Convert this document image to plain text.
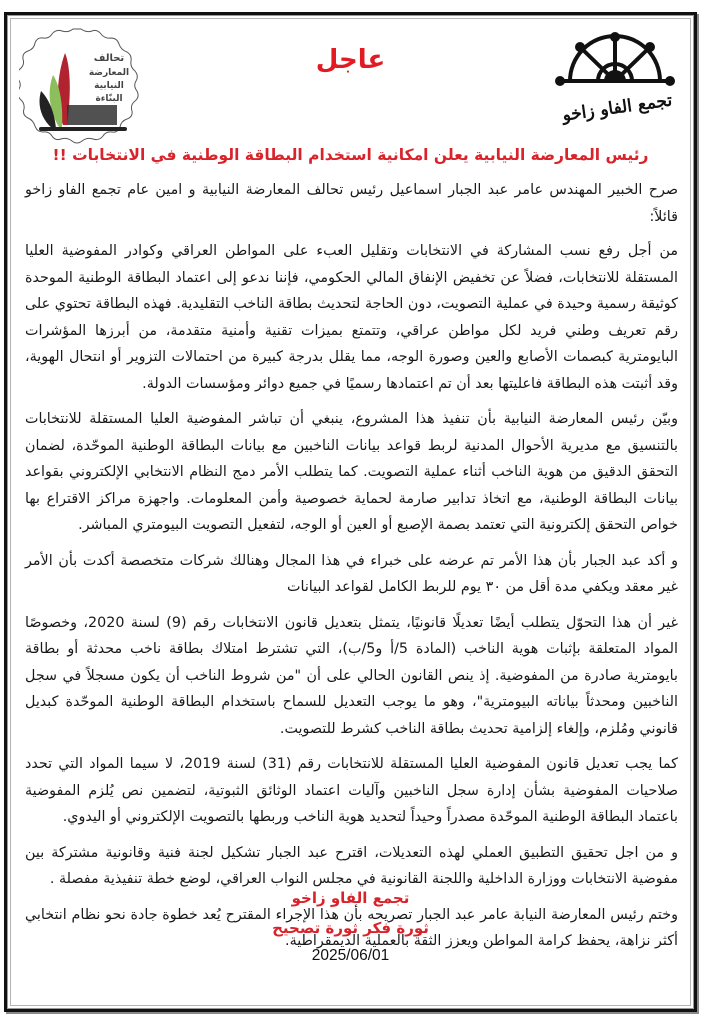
تحالف
المعارضة
النيابية
البنّاءة
عاجل
تجمع الفاو زاخو
رئيس المعارضة النيابية يعلن امكانية استخدام البطاقة الوطنية في الانتخابات !!

صرح الخبير المهندس عامر عبد الجبار اسماعيل رئيس تحالف المعارضة النيابية و امين عام تجمع الفاو زاخو قائلاً:

من أجل رفع نسب المشاركة في الانتخابات وتقليل العبء على المواطن العراقي وكوادر المفوضية العليا المستقلة للانتخابات، فضلاً عن تخفيض الإنفاق المالي الحكومي، فإننا ندعو إلى اعتماد البطاقة الوطنية الموحدة كوثيقة رسمية وحيدة في عملية التصويت، دون الحاجة لتحديث بطاقة الناخب التقليدية. فهذه البطاقة تحتوي على رقم تعريف وطني فريد لكل مواطن عراقي، وتتمتع بميزات تقنية وأمنية متقدمة، من أبرزها المؤشرات البايومترية كبصمات الأصابع والعين وصورة الوجه، مما يقلل بدرجة كبيرة من احتمالات التزوير أو انتحال الهوية، وقد أثبتت هذه البطاقة فاعليتها بعد أن تم اعتمادها رسميًا في جميع دوائر ومؤسسات الدولة.

وبيّن رئيس المعارضة النيابية بأن تنفيذ هذا المشروع، ينبغي أن تباشر المفوضية العليا المستقلة للانتخابات بالتنسيق مع مديرية الأحوال المدنية لربط قواعد بيانات الناخبين مع بيانات البطاقة الوطنية الموحّدة، لضمان التحقق الدقيق من هوية الناخب أثناء عملية التصويت. كما يتطلب الأمر دمج النظام الانتخابي الإلكتروني بقواعد بيانات البطاقة الوطنية، مع اتخاذ تدابير صارمة لحماية خصوصية وأمن المعلومات. واجهزة مراكز الاقتراع بها خواص التحقق إلكترونية التي تعتمد بصمة الإصبع أو العين أو الوجه، لتفعيل التصويت البيومتري المباشر.

و أكد عبد الجبار بأن هذا الأمر تم عرضه على خبراء في هذا المجال وهنالك شركات متخصصة أكدت بأن الأمر غير معقد ويكفي مدة أقل من ٣٠ يوم للربط الكامل لقواعد البيانات

غير أن هذا التحوّل يتطلب أيضًا تعديلًا قانونيًا، يتمثل بتعديل قانون الانتخابات رقم (9) لسنة 2020، وخصوصًا المواد المتعلقة بإثبات هوية الناخب (المادة 5/أ و5/ب)، التي تشترط امتلاك بطاقة ناخب محدثة أو بطاقة بايومترية صادرة من المفوضية. إذ ينص القانون الحالي على أن "من شروط الناخب أن يكون مسجلاً في سجل الناخبين ومحدثاً بياناته البيومترية"، وهو ما يوجب التعديل للسماح باستخدام البطاقة الوطنية الموحّدة كبديل قانوني ومُلزم، وإلغاء إلزامية تحديث بطاقة الناخب كشرط للتصويت.

كما يجب تعديل قانون المفوضية العليا المستقلة للانتخابات رقم (31) لسنة 2019، لا سيما المواد التي تحدد صلاحيات المفوضية بشأن إدارة سجل الناخبين وآليات اعتماد الوثائق الثبوتية، لتضمين نص يُلزم المفوضية باعتماد البطاقة الوطنية الموحّدة مصدراً وحيداً لتحديد هوية الناخب وربطها بالتصويت الإلكتروني أو اليدوي.

و من اجل تحقيق التطبيق العملي لهذه التعديلات، اقترح عبد الجبار تشكيل لجنة فنية وقانونية مشتركة بين مفوضية الانتخابات ووزارة الداخلية واللجنة القانونية في مجلس النواب العراقي، لوضع خطة تنفيذية مفصلة .

وختم رئيس المعارضة النيابة عامر عبد الجبار تصريحه بأن هذا الإجراء المقترح يُعد خطوة جادة نحو نظام انتخابي أكثر نزاهة، يحفظ كرامة المواطن ويعزز الثقة بالعملية الديمقراطية.

تجمع الفاو زاخو
ثورة فكر ثورة تصحيح
2025/06/01
